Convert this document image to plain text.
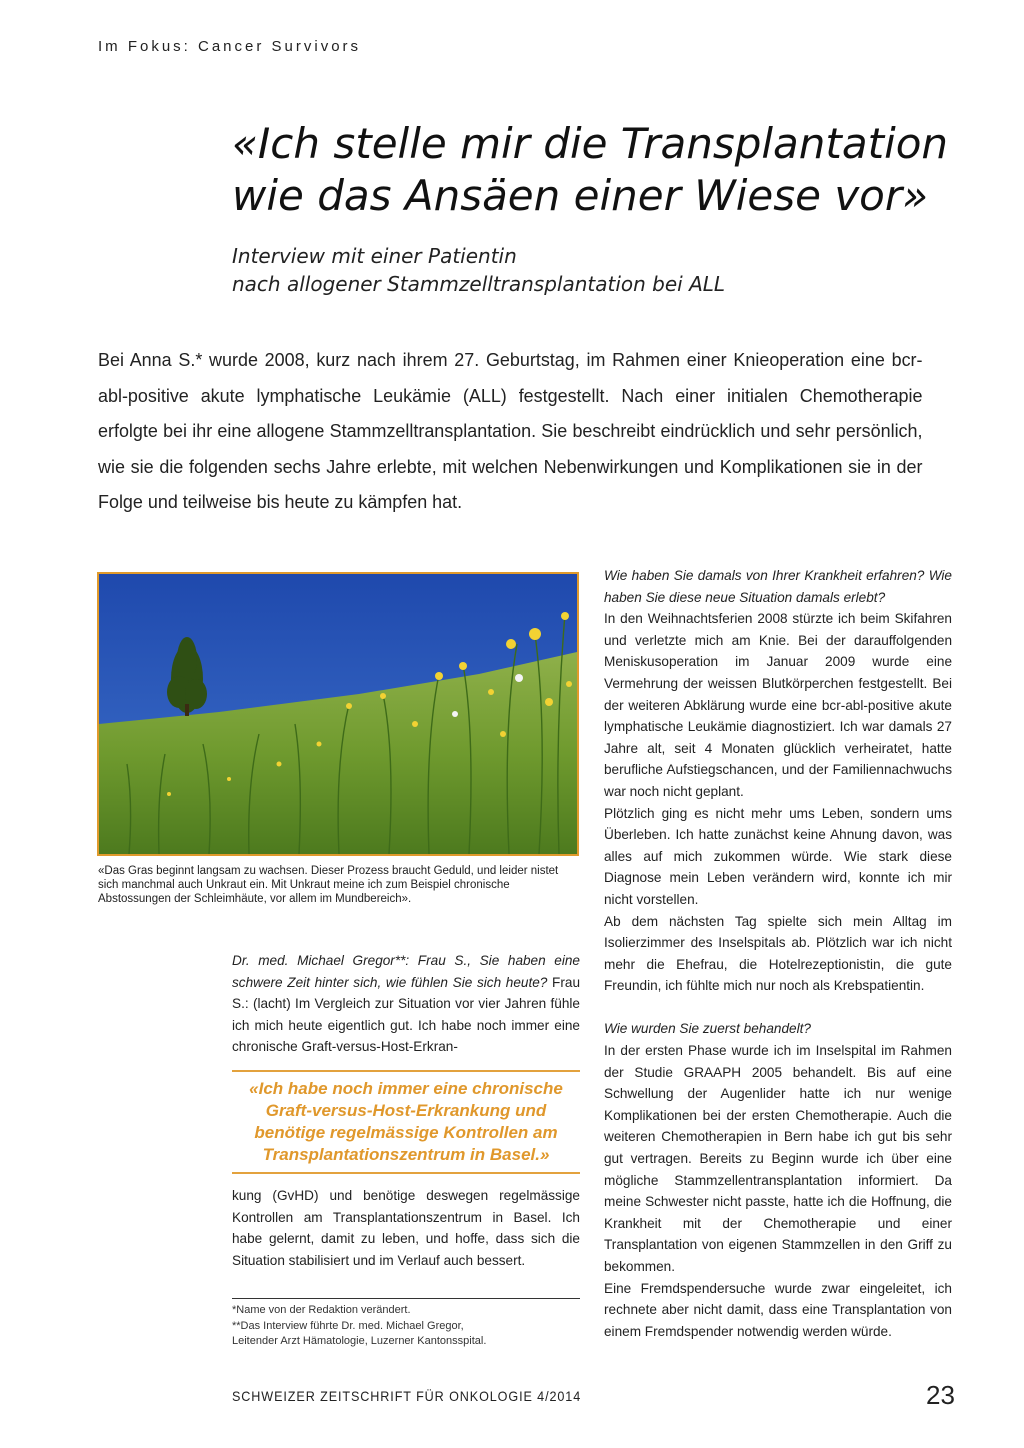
Im Fokus: Cancer Survivors
«Ich stelle mir die Transplantation
wie das Ansäen einer Wiese vor»
Interview mit einer Patientin
nach allogener Stammzelltransplantation bei ALL
Bei Anna S.* wurde 2008, kurz nach ihrem 27. Geburtstag, im Rahmen einer Knieoperation eine bcr-abl-positive akute lymphatische Leukämie (ALL) festgestellt. Nach einer initialen Chemotherapie erfolgte bei ihr eine allogene Stammzelltransplantation. Sie beschreibt eindrücklich und sehr persönlich, wie sie die folgenden sechs Jahre erlebte, mit welchen Nebenwirkungen und Komplikationen sie in der Folge und teilweise bis heute zu kämpfen hat.
«Das Gras beginnt langsam zu wachsen. Dieser Prozess braucht Geduld, und leider nistet sich manchmal auch Unkraut ein. Mit Unkraut meine ich zum Beispiel chronische Abstossungen der Schleimhäute, vor allem im Mundbereich».

Dr. med. Michael Gregor**: Frau S., Sie haben eine schwere Zeit hinter sich, wie fühlen Sie sich heute? Frau S.: (lacht) Im Vergleich zur Situation vor vier Jahren fühle ich mich heute eigentlich gut. Ich habe noch immer eine chronische Graft-versus-Host-Erkran-

«Ich habe noch immer eine chronische Graft-versus-Host-Erkrankung und benötige regelmässige Kontrollen am Transplantationszentrum in Basel.»

kung (GvHD) und benötige deswegen regelmässige Kontrollen am Transplantationszentrum in Basel. Ich habe gelernt, damit zu leben, und hoffe, dass sich die Situation stabilisiert und im Verlauf auch bessert.

*Name von der Redaktion verändert.
**Das Interview führte Dr. med. Michael Gregor,
Leitender Arzt Hämatologie, Luzerner Kantonsspital.

Wie haben Sie damals von Ihrer Krankheit erfahren? Wie haben Sie diese neue Situation damals erlebt?

In den Weihnachtsferien 2008 stürzte ich beim Skifahren und verletzte mich am Knie. Bei der darauffolgenden Meniskusoperation im Januar 2009 wurde eine Vermehrung der weissen Blutkörperchen festgestellt. Bei der weiteren Abklärung wurde eine bcr-abl-positive akute lymphatische Leukämie diagnostiziert. Ich war damals 27 Jahre alt, seit 4 Monaten glücklich verheiratet, hatte berufliche Aufstiegschancen, und der Familiennachwuchs war noch nicht geplant.

Plötzlich ging es nicht mehr ums Leben, sondern ums Überleben. Ich hatte zunächst keine Ahnung davon, was alles auf mich zukommen würde. Wie stark diese Diagnose mein Leben verändern wird, konnte ich mir nicht vorstellen.

Ab dem nächsten Tag spielte sich mein Alltag im Isolierzimmer des Inselspitals ab. Plötzlich war ich nicht mehr die Ehefrau, die Hotelrezeptionistin, die gute Freundin, ich fühlte mich nur noch als Krebspatientin.

Wie wurden Sie zuerst behandelt?

In der ersten Phase wurde ich im Inselspital im Rahmen der Studie GRAAPH 2005 behandelt. Bis auf eine Schwellung der Augenlider hatte ich nur wenige Komplikationen bei der ersten Chemotherapie. Auch die weiteren Chemotherapien in Bern habe ich gut bis sehr gut vertragen. Bereits zu Beginn wurde ich über eine mögliche Stammzellentransplantation informiert. Da meine Schwester nicht passte, hatte ich die Hoffnung, die Krankheit mit der Chemotherapie und einer Transplantation von eigenen Stammzellen in den Griff zu bekommen.

Eine Fremdspendersuche wurde zwar eingeleitet, ich rechnete aber nicht damit, dass eine Transplantation von einem Fremdspender notwendig werden würde.

SCHWEIZER ZEITSCHRIFT FÜR ONKOLOGIE 4/2014	23
